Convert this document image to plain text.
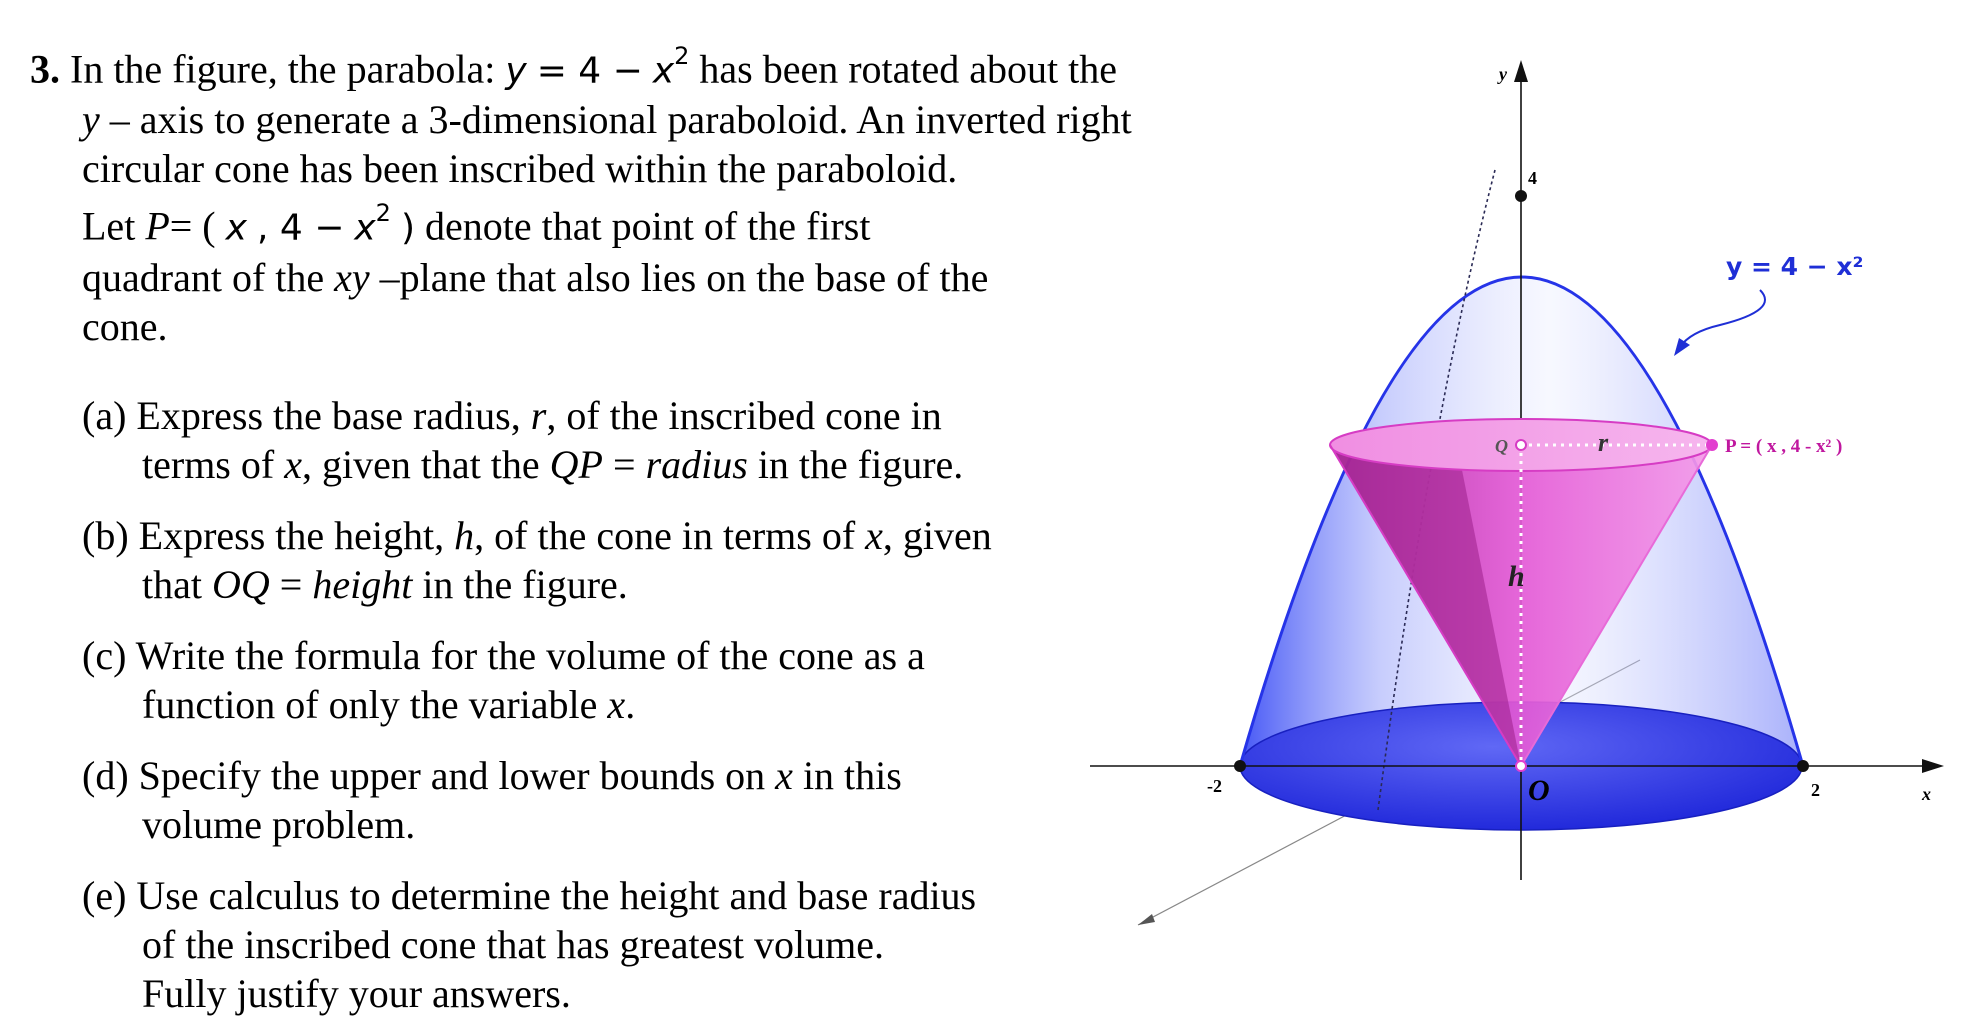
3. In the figure, the parabola: $y = 4 - x^2$ has been rotated about the
y – axis to generate a 3-dimensional paraboloid. An inverted right
circular cone has been inscribed within the paraboloid.
Let P= ( x , $4 - x^2$ ) denote that point of the first
quadrant of the xy –plane that also lies on the base of the
cone.
(a) Express the base radius, r, of the inscribed cone in
terms of x, given that the QP = radius in the figure.
(b) Express the height, h, of the cone in terms of x, given
that OQ = height in the figure.
(c) Write the formula for the volume of the cone as a
function of only the variable x.
(d) Specify the upper and lower bounds on x in this
volume problem.
(e) Use calculus to determine the height and base radius
of the inscribed cone that has greatest volume.
Fully justify your answers.
y
x
4
-2	2
O
Q	r
h
P = ( x , 4 - x² )
y = 4 − x²
